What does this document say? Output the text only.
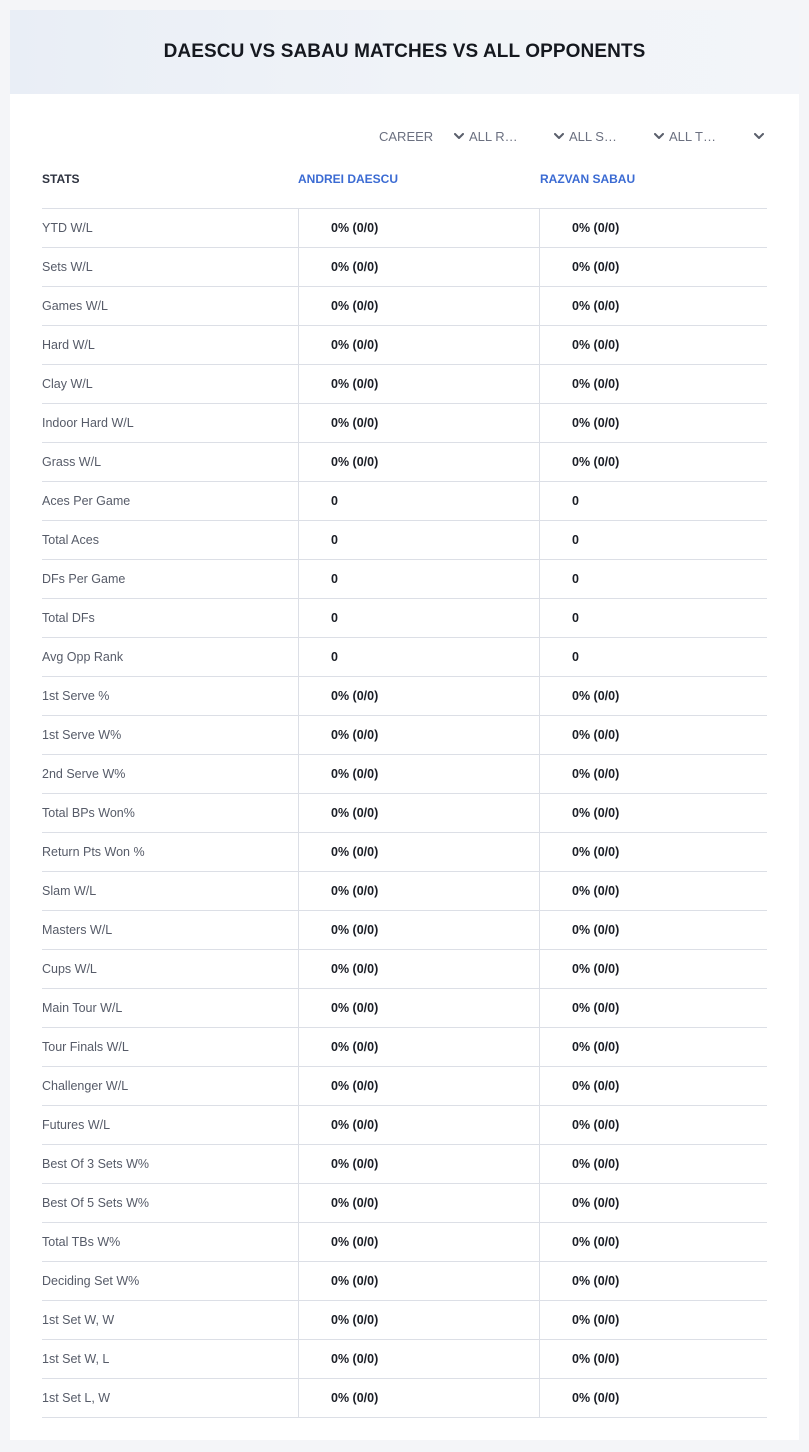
DAESCU VS SABAU MATCHES VS ALL OPPONENTS
CAREER	ALL R…	ALL S…	ALL T…
STATS	ANDREI DAESCU	RAZVAN SABAU
YTD W/L	0% (0/0)	0% (0/0)
Sets W/L	0% (0/0)	0% (0/0)
Games W/L	0% (0/0)	0% (0/0)
Hard W/L	0% (0/0)	0% (0/0)
Clay W/L	0% (0/0)	0% (0/0)
Indoor Hard W/L	0% (0/0)	0% (0/0)
Grass W/L	0% (0/0)	0% (0/0)
Aces Per Game	0	0
Total Aces	0	0
DFs Per Game	0	0
Total DFs	0	0
Avg Opp Rank	0	0
1st Serve %	0% (0/0)	0% (0/0)
1st Serve W%	0% (0/0)	0% (0/0)
2nd Serve W%	0% (0/0)	0% (0/0)
Total BPs Won%	0% (0/0)	0% (0/0)
Return Pts Won %	0% (0/0)	0% (0/0)
Slam W/L	0% (0/0)	0% (0/0)
Masters W/L	0% (0/0)	0% (0/0)
Cups W/L	0% (0/0)	0% (0/0)
Main Tour W/L	0% (0/0)	0% (0/0)
Tour Finals W/L	0% (0/0)	0% (0/0)
Challenger W/L	0% (0/0)	0% (0/0)
Futures W/L	0% (0/0)	0% (0/0)
Best Of 3 Sets W%	0% (0/0)	0% (0/0)
Best Of 5 Sets W%	0% (0/0)	0% (0/0)
Total TBs W%	0% (0/0)	0% (0/0)
Deciding Set W%	0% (0/0)	0% (0/0)
1st Set W, W	0% (0/0)	0% (0/0)
1st Set W, L	0% (0/0)	0% (0/0)
1st Set L, W	0% (0/0)	0% (0/0)
